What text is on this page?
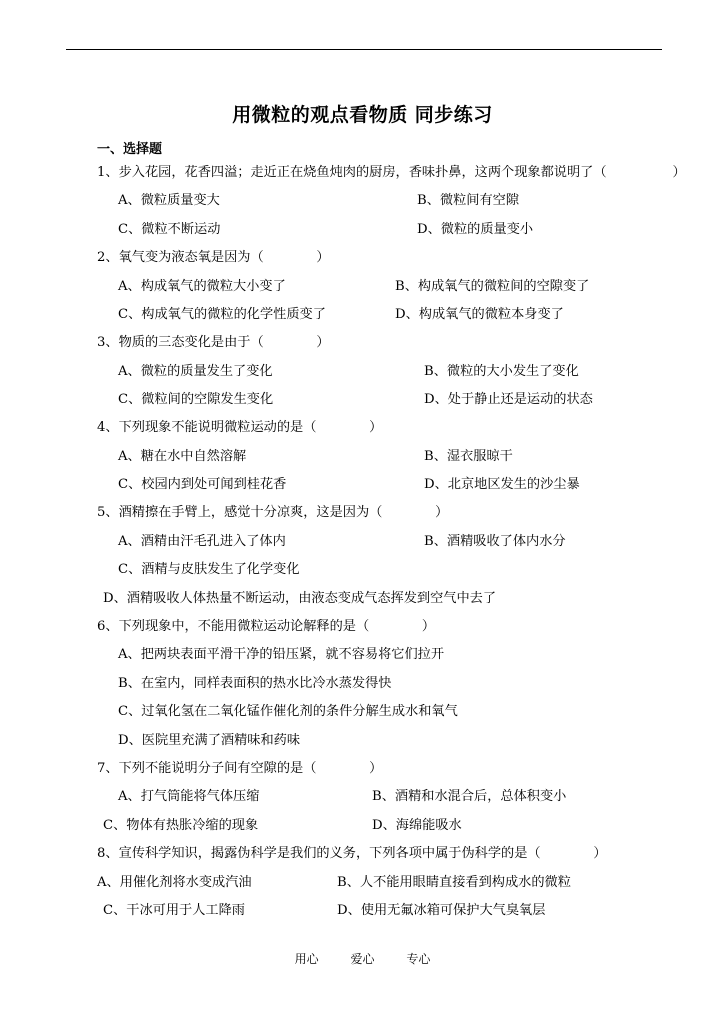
用微粒的观点看物质 同步练习
一、选择题
1、步入花园，花香四溢；走近正在烧鱼炖肉的厨房，香味扑鼻，这两个现象都说明了（　　　　　）
A、微粒质量变大	B、微粒间有空隙
C、微粒不断运动	D、微粒的质量变小
2、氧气变为液态氧是因为（　　　　）
A、构成氧气的微粒大小变了	B、构成氧气的微粒间的空隙变了
C、构成氧气的微粒的化学性质变了	D、构成氧气的微粒本身变了
3、物质的三态变化是由于（　　　　）
A、微粒的质量发生了变化	B、微粒的大小发生了变化
C、微粒间的空隙发生变化	D、处于静止还是运动的状态
4、下列现象不能说明微粒运动的是（　　　　）
A、糖在水中自然溶解	B、湿衣服晾干
C、校园内到处可闻到桂花香	D、北京地区发生的沙尘暴
5、酒精擦在手臂上，感觉十分凉爽，这是因为（　　　　）
A、酒精由汗毛孔进入了体内	B、酒精吸收了体内水分
C、酒精与皮肤发生了化学变化
D、酒精吸收人体热量不断运动，由液态变成气态挥发到空气中去了
6、下列现象中，不能用微粒运动论解释的是（　　　　）
A、把两块表面平滑干净的铅压紧，就不容易将它们拉开
B、在室内，同样表面积的热水比冷水蒸发得快
C、过氧化氢在二氧化锰作催化剂的条件分解生成水和氧气
D、医院里充满了酒精味和药味
7、下列不能说明分子间有空隙的是（　　　　）
A、打气筒能将气体压缩	B、酒精和水混合后，总体积变小
C、物体有热胀冷缩的现象	D、海绵能吸水
8、宣传科学知识，揭露伪科学是我们的义务，下列各项中属于伪科学的是（　　　　）
A、用催化剂将水变成汽油	B、人不能用眼睛直接看到构成水的微粒
C、干冰可用于人工降雨	D、使用无氟冰箱可保护大气臭氧层
用心	爱心	专心
